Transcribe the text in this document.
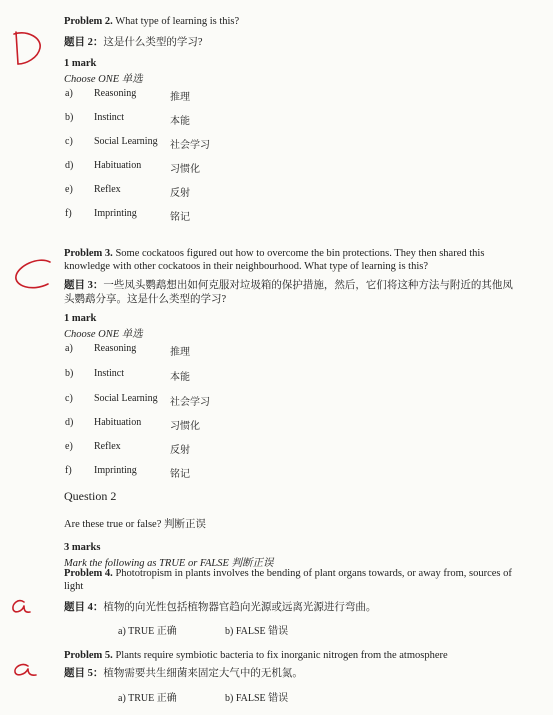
Problem 2. What type of learning is this?
题目 2：这是什么类型的学习?
1 mark
Choose ONE 单选
a) Reasoning	推理
b) Instinct	本能
c) Social Learning 社会学习
d) Habituation	习惯化
e) Reflex	反射
f) Imprinting	铭记
Problem 3. Some cockatoos figured out how to overcome the bin protections. They then shared this
knowledge with other cockatoos in their neighbourhood. What type of learning is this?
题目 3：一些凤头鹦鹉想出如何克服对垃圾箱的保护措施，然后，它们将这种方法与附近的其他凤
头鹦鹉分享。这是什么类型的学习?
1 mark
Choose ONE 单选
a) Reasoning	推理
b) Instinct	本能
c) Social Learning 社会学习
d) Habituation	习惯化
e) Reflex	反射
f) Imprinting	铭记
Question 2
Are these true or false? 判断正误
3 marks
Mark the following as TRUE or FALSE 判断正误
Problem 4. Phototropism in plants involves the bending of plant organs towards, or away from, sources of
light
题目 4：植物的向光性包括植物器官趋向光源或远离光源进行弯曲。
a) TRUE 正确	b) FALSE 错误
Problem 5. Plants require symbiotic bacteria to fix inorganic nitrogen from the atmosphere
题目 5：植物需要共生细菌来固定大气中的无机氮。
a) TRUE 正确	b) FALSE 错误
